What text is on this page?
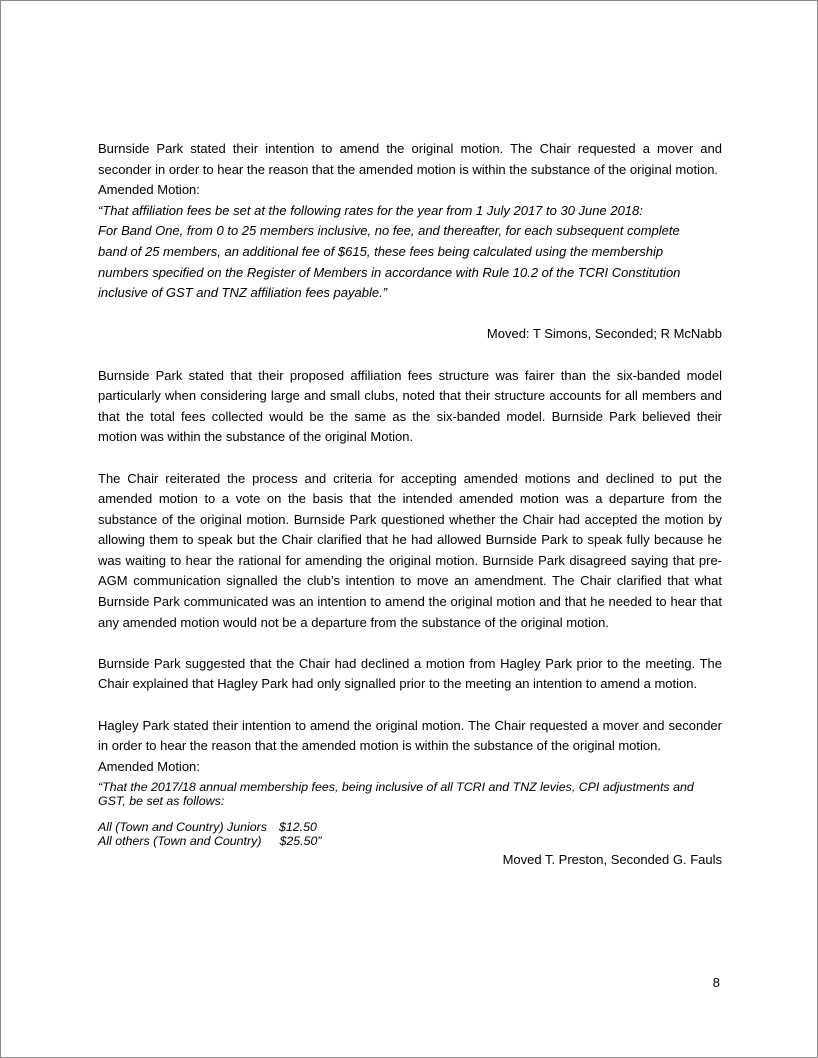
Burnside Park stated their intention to amend the original motion. The Chair requested a mover and seconder in order to hear the reason that the amended motion is within the substance of the original motion.

Amended Motion:

“That affiliation fees be set at the following rates for the year from 1 July 2017 to 30 June 2018:

For Band One, from 0 to 25 members inclusive, no fee, and thereafter, for each subsequent complete

band of 25 members, an additional fee of $615, these fees being calculated using the membership

numbers specified on the Register of Members in accordance with Rule 10.2 of the TCRI Constitution

inclusive of GST and TNZ affiliation fees payable.”

Moved: T Simons, Seconded; R McNabb

Burnside Park stated that their proposed affiliation fees structure was fairer than the six-banded model particularly when considering large and small clubs, noted that their structure accounts for all members and that the total fees collected would be the same as the six-banded model. Burnside Park believed their motion was within the substance of the original Motion.

The Chair reiterated the process and criteria for accepting amended motions and declined to put the amended motion to a vote on the basis that the intended amended motion was a departure from the substance of the original motion. Burnside Park questioned whether the Chair had accepted the motion by allowing them to speak but the Chair clarified that he had allowed Burnside Park to speak fully because he was waiting to hear the rational for amending the original motion. Burnside Park disagreed saying that pre-AGM communication signalled the club’s intention to move an amendment. The Chair clarified that what Burnside Park communicated was an intention to amend the original motion and that he needed to hear that any amended motion would not be a departure from the substance of the original motion.

Burnside Park suggested that the Chair had declined a motion from Hagley Park prior to the meeting. The Chair explained that Hagley Park had only signalled prior to the meeting an intention to amend a motion.

Hagley Park stated their intention to amend the original motion. The Chair requested a mover and seconder in order to hear the reason that the amended motion is within the substance of the original motion.

Amended Motion:

“That the 2017/18 annual membership fees, being inclusive of all TCRI and TNZ levies, CPI adjustments and GST, be set as follows:
All (Town and Country) Juniors $12.50
All others (Town and Country) $25.50”

Moved T. Preston, Seconded G. Fauls

8
